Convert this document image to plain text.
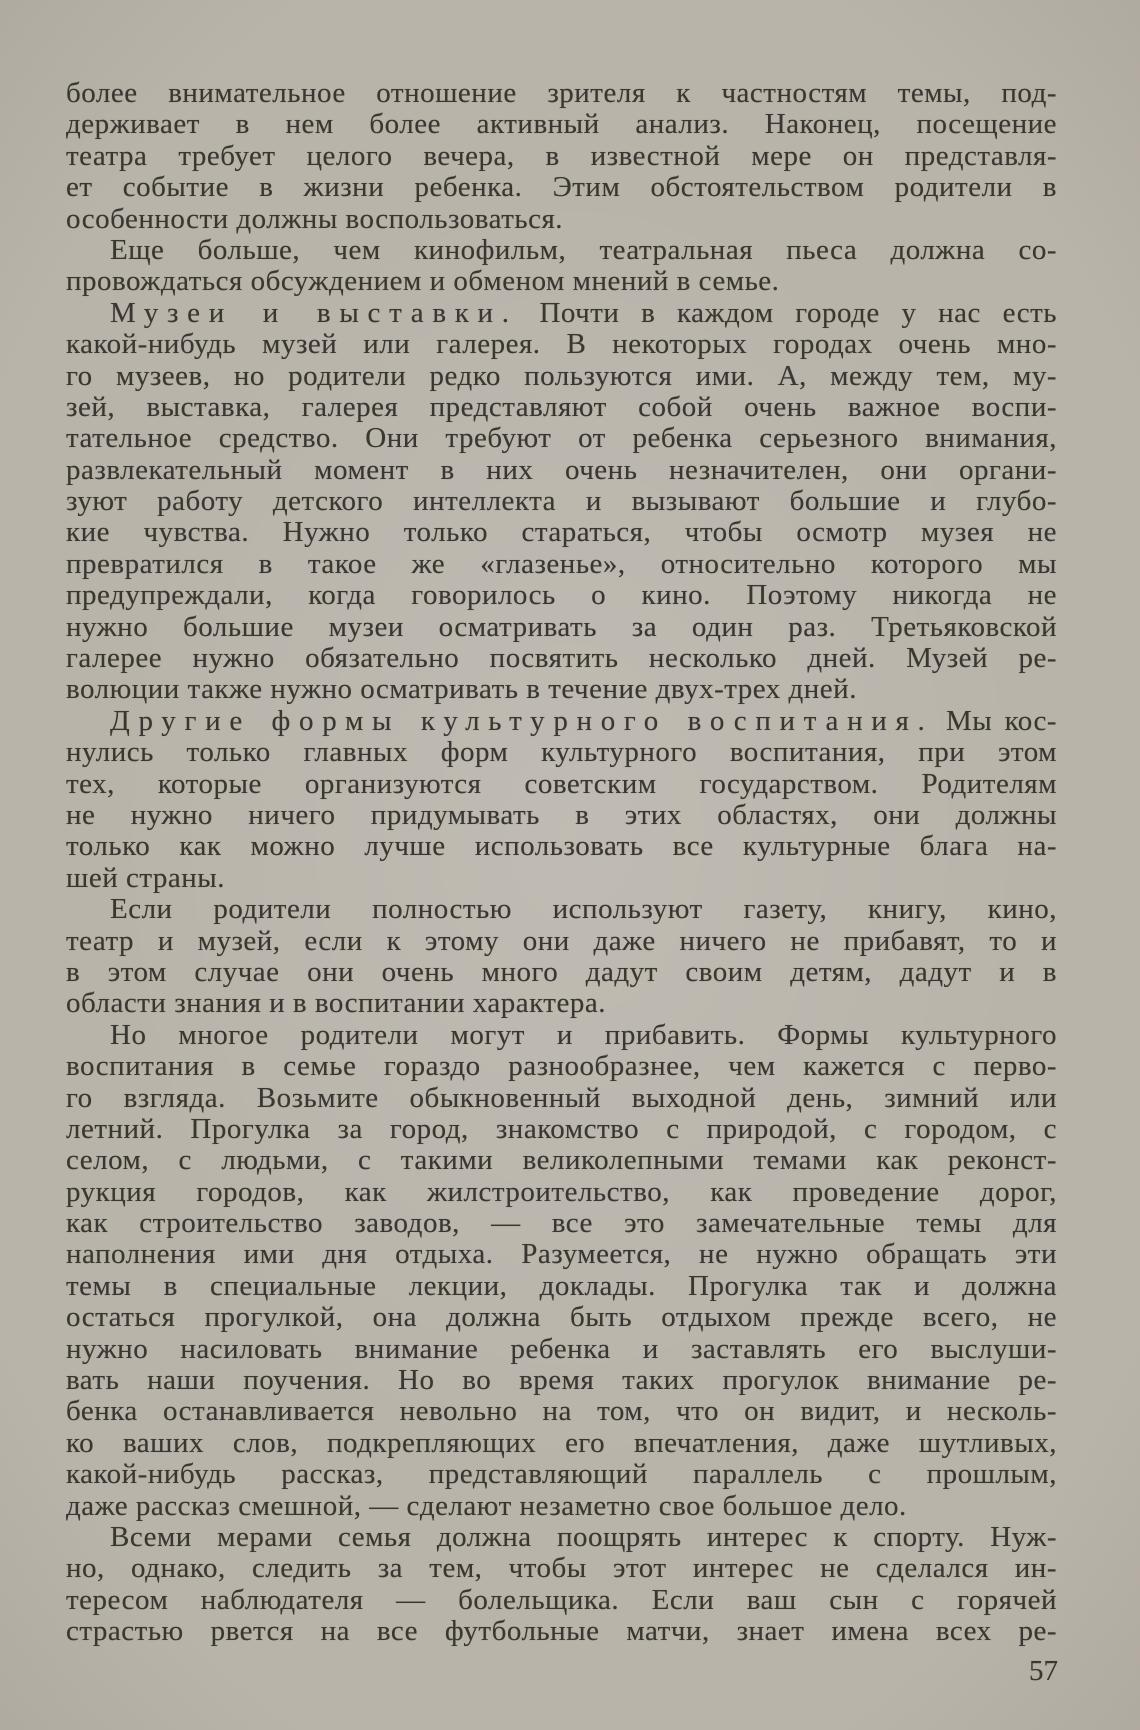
более внимательное отношение зрителя к частностям темы, под-
держивает в нем более активный анализ. Наконец, посещение
театра требует целого вечера, в известной мере он представля-
ет событие в жизни ребенка. Этим обстоятельством родители в
особенности должны воспользоваться.
Еще больше, чем кинофильм, театральная пьеса должна со-
провождаться обсуждением и обменом мнений в семье.
Музеи и выставки. Почти в каждом городе у нас есть
какой-нибудь музей или галерея. В некоторых городах очень мно-
го музеев, но родители редко пользуются ими. А, между тем, му-
зей, выставка, галерея представляют собой очень важное воспи-
тательное средство. Они требуют от ребенка серьезного внимания,
развлекательный момент в них очень незначителен, они органи-
зуют работу детского интеллекта и вызывают большие и глубо-
кие чувства. Нужно только стараться, чтобы осмотр музея не
превратился в такое же «глазенье», относительно которого мы
предупреждали, когда говорилось о кино. Поэтому никогда не
нужно большие музеи осматривать за один раз. Третьяковской
галерее нужно обязательно посвятить несколько дней. Музей ре-
волюции также нужно осматривать в течение двух-трех дней.
Другие формы культурного воспитания. Мы кос-
нулись только главных форм культурного воспитания, при этом
тех, которые организуются советским государством. Родителям
не нужно ничего придумывать в этих областях, они должны
только как можно лучше использовать все культурные блага на-
шей страны.
Если родители полностью используют газету, книгу, кино,
театр и музей, если к этому они даже ничего не прибавят, то и
в этом случае они очень много дадут своим детям, дадут и в
области знания и в воспитании характера.
Но многое родители могут и прибавить. Формы культурного
воспитания в семье гораздо разнообразнее, чем кажется с перво-
го взгляда. Возьмите обыкновенный выходной день, зимний или
летний. Прогулка за город, знакомство с природой, с городом, с
селом, с людьми, с такими великолепными темами как реконст-
рукция городов, как жилстроительство, как проведение дорог,
как строительство заводов, — все это замечательные темы для
наполнения ими дня отдыха. Разумеется, не нужно обращать эти
темы в специальные лекции, доклады. Прогулка так и должна
остаться прогулкой, она должна быть отдыхом прежде всего, не
нужно насиловать внимание ребенка и заставлять его выслуши-
вать наши поучения. Но во время таких прогулок внимание ре-
бенка останавливается невольно на том, что он видит, и несколь-
ко ваших слов, подкрепляющих его впечатления, даже шутливых,
какой-нибудь рассказ, представляющий параллель с прошлым,
даже рассказ смешной, — сделают незаметно свое большое дело.
Всеми мерами семья должна поощрять интерес к спорту. Нуж-
но, однако, следить за тем, чтобы этот интерес не сделался ин-
тересом наблюдателя — болельщика. Если ваш сын с горячей
страстью рвется на все футбольные матчи, знает имена всех ре-
57
